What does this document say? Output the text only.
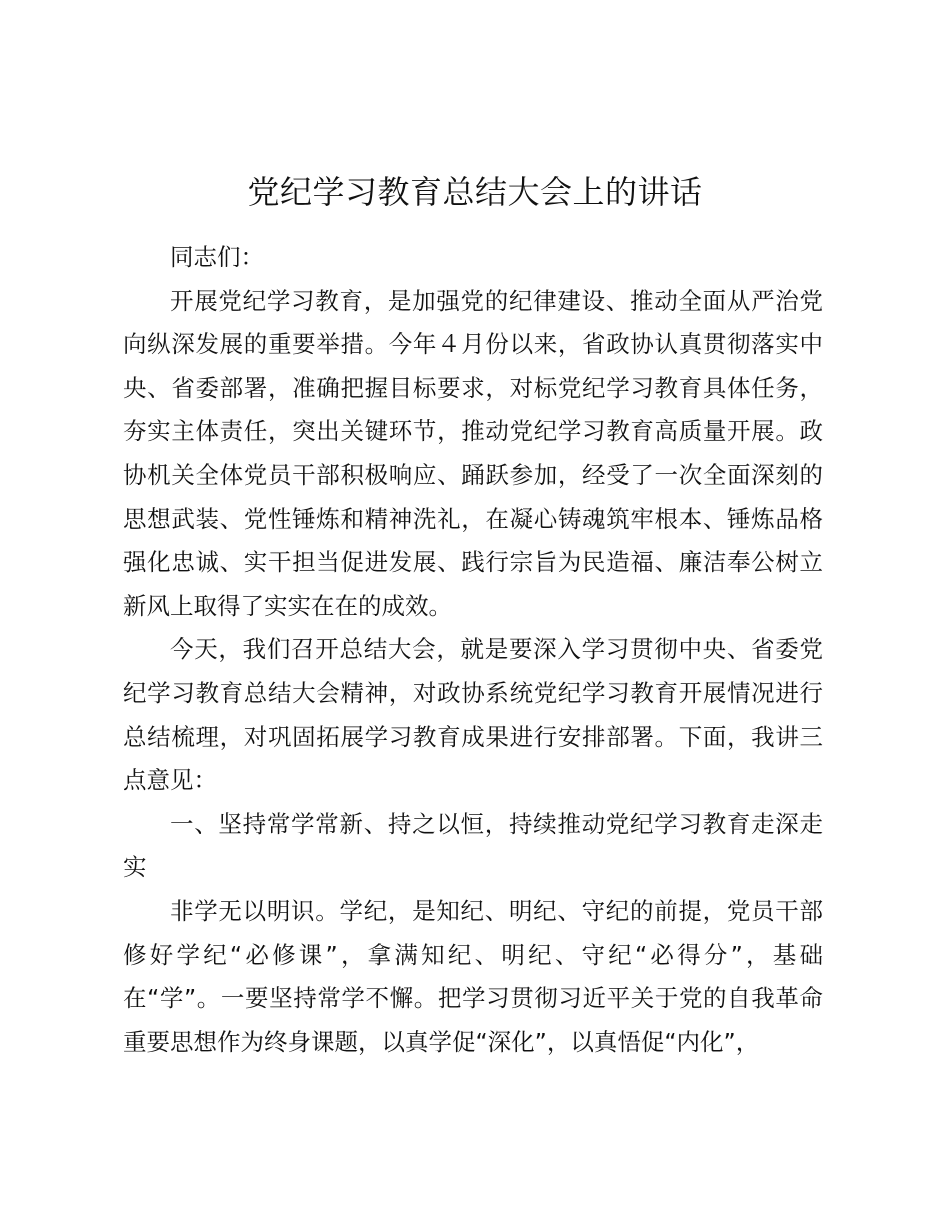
党纪学习教育总结大会上的讲话

同志们：

开展党纪学习教育，是加强党的纪律建设、推动全面从严治党向纵深发展的重要举措。今年４月份以来，省政协认真贯彻落实中央、省委部署，准确把握目标要求，对标党纪学习教育具体任务，夯实主体责任，突出关键环节，推动党纪学习教育高质量开展。政协机关全体党员干部积极响应、踊跃参加，经受了一次全面深刻的思想武装、党性锤炼和精神洗礼，在凝心铸魂筑牢根本、锤炼品格强化忠诚、实干担当促进发展、践行宗旨为民造福、廉洁奉公树立新风上取得了实实在在的成效。

今天，我们召开总结大会，就是要深入学习贯彻中央、省委党纪学习教育总结大会精神，对政协系统党纪学习教育开展情况进行总结梳理，对巩固拓展学习教育成果进行安排部署。下面，我讲三点意见：

一、坚持常学常新、持之以恒，持续推动党纪学习教育走深走实

非学无以明识。学纪，是知纪、明纪、守纪的前提，党员干部修好学纪“必修课”，拿满知纪、明纪、守纪“必得分”，基础在“学”。一要坚持常学不懈。把学习贯彻习近平关于党的自我革命重要思想作为终身课题，以真学促“深化”，以真悟促“内化”，
